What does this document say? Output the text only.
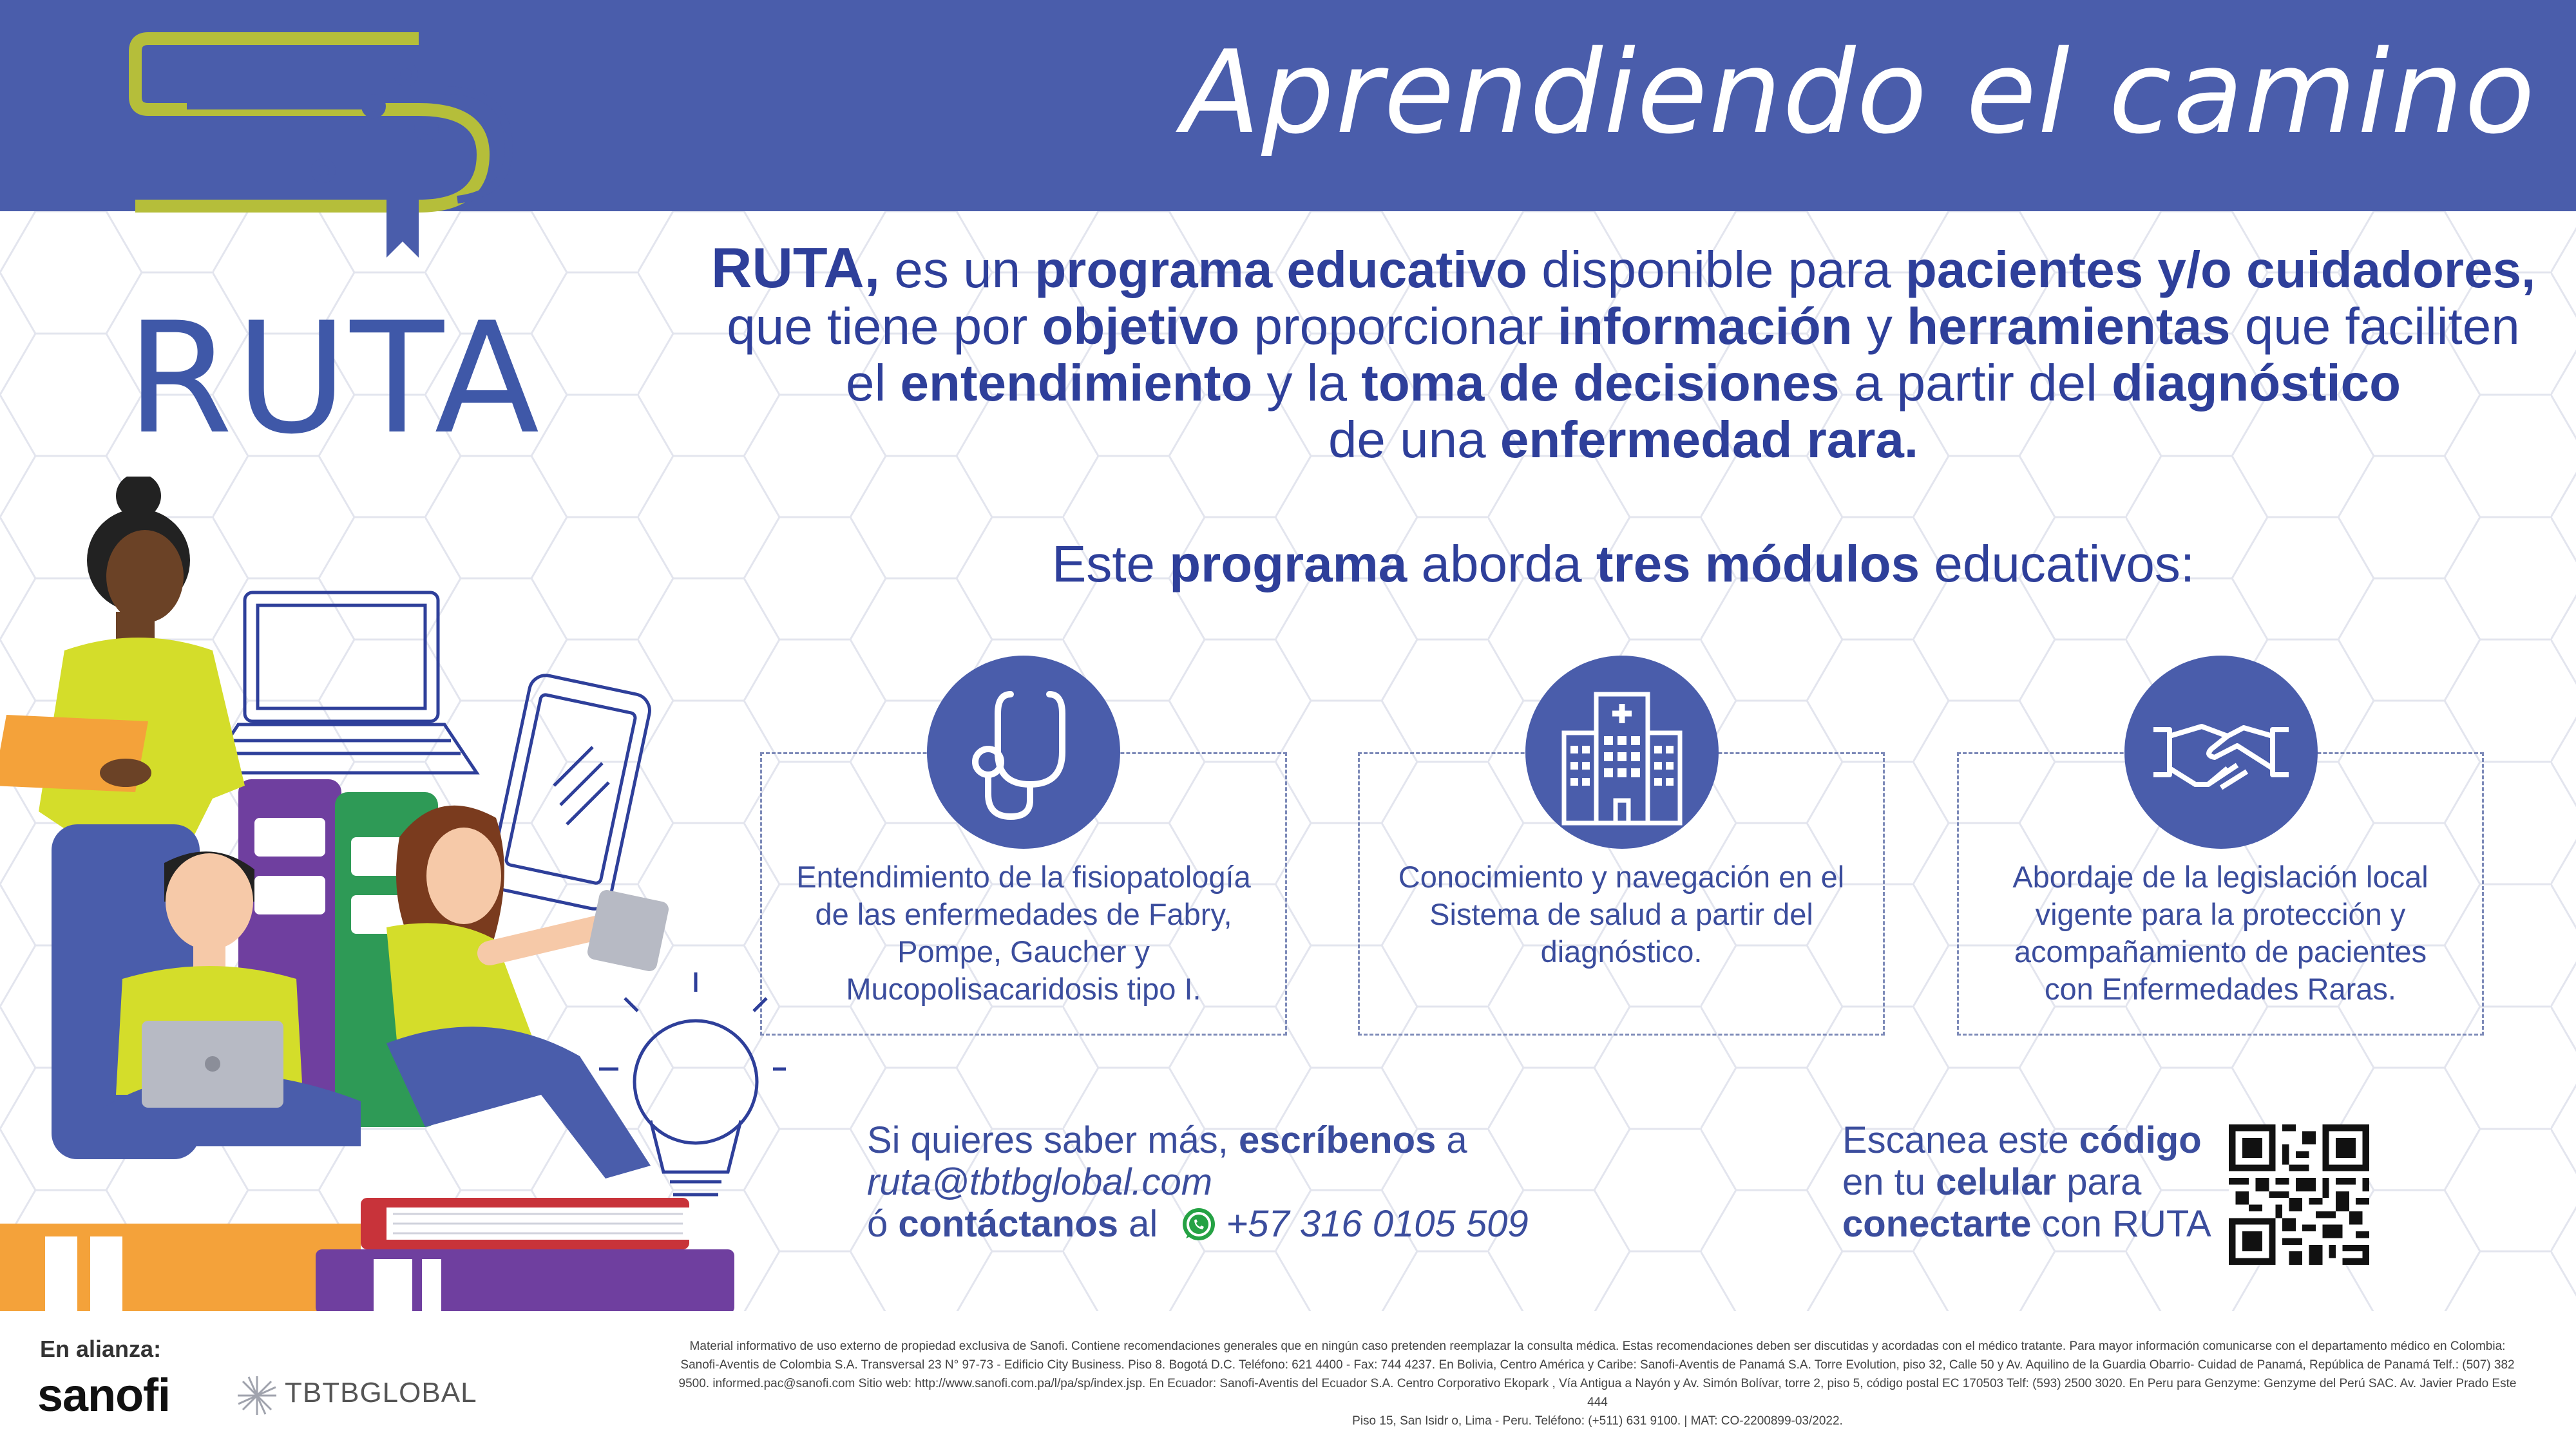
Aprendiendo el camino
RUTA
RUTA, es un programa educativo disponible para pacientes y/o cuidadores,
que tiene por objetivo proporcionar información y herramientas que faciliten
el entendimiento y la toma de decisiones a partir del diagnóstico
de una enfermedad rara.
Este programa aborda tres módulos educativos:
Entendimiento de la fisiopatología
de las enfermedades de Fabry,
Pompe, Gaucher y
Mucopolisacaridosis tipo I.
Conocimiento y navegación en el
Sistema de salud a partir del
diagnóstico.
Abordaje de la legislación local
vigente para la protección y
acompañamiento de pacientes
con Enfermedades Raras.
Si quieres saber más, escríbenos a
ruta@tbtbglobal.com
ó
contáctanos
al +57 316 0105 509
Escanea este código
en tu celular para
conectarte con RUTA
En alianza:
sanofi	TBTBGLOBAL
Material informativo de uso externo de propiedad exclusiva de Sanofi. Contiene recomendaciones generales que en ningún caso pretenden reemplazar la consulta médica. Estas recomendaciones deben ser discutidas y acordadas con el médico tratante. Para mayor información comunicarse con el departamento médico en Colombia:
Sanofi-Aventis de Colombia S.A. Transversal 23 N° 97-73 - Edificio City Business. Piso 8. Bogotá D.C. Teléfono: 621 4400 - Fax: 744 4237. En Bolivia, Centro América y Caribe: Sanofi-Aventis de Panamá S.A. Torre Evolution, piso 32, Calle 50 y Av. Aquilino de la Guardia Obarrio- Cuidad de Panamá, República de Panamá Telf.: (507) 382
9500. informed.pac@sanofi.com Sitio web: http://www.sanofi.com.pa/l/pa/sp/index.jsp. En Ecuador: Sanofi-Aventis del Ecuador S.A. Centro Corporativo Ekopark , Vía Antigua a Nayón y Av. Simón Bolívar, torre 2, piso 5, código postal EC 170503 Telf: (593) 2500 3020. En Peru para Genzyme: Genzyme del Perú SAC. Av. Javier Prado Este 444
Piso 15, San Isidr o, Lima - Peru. Teléfono: (+511) 631 9100. | MAT: CO-2200899-03/2022.
